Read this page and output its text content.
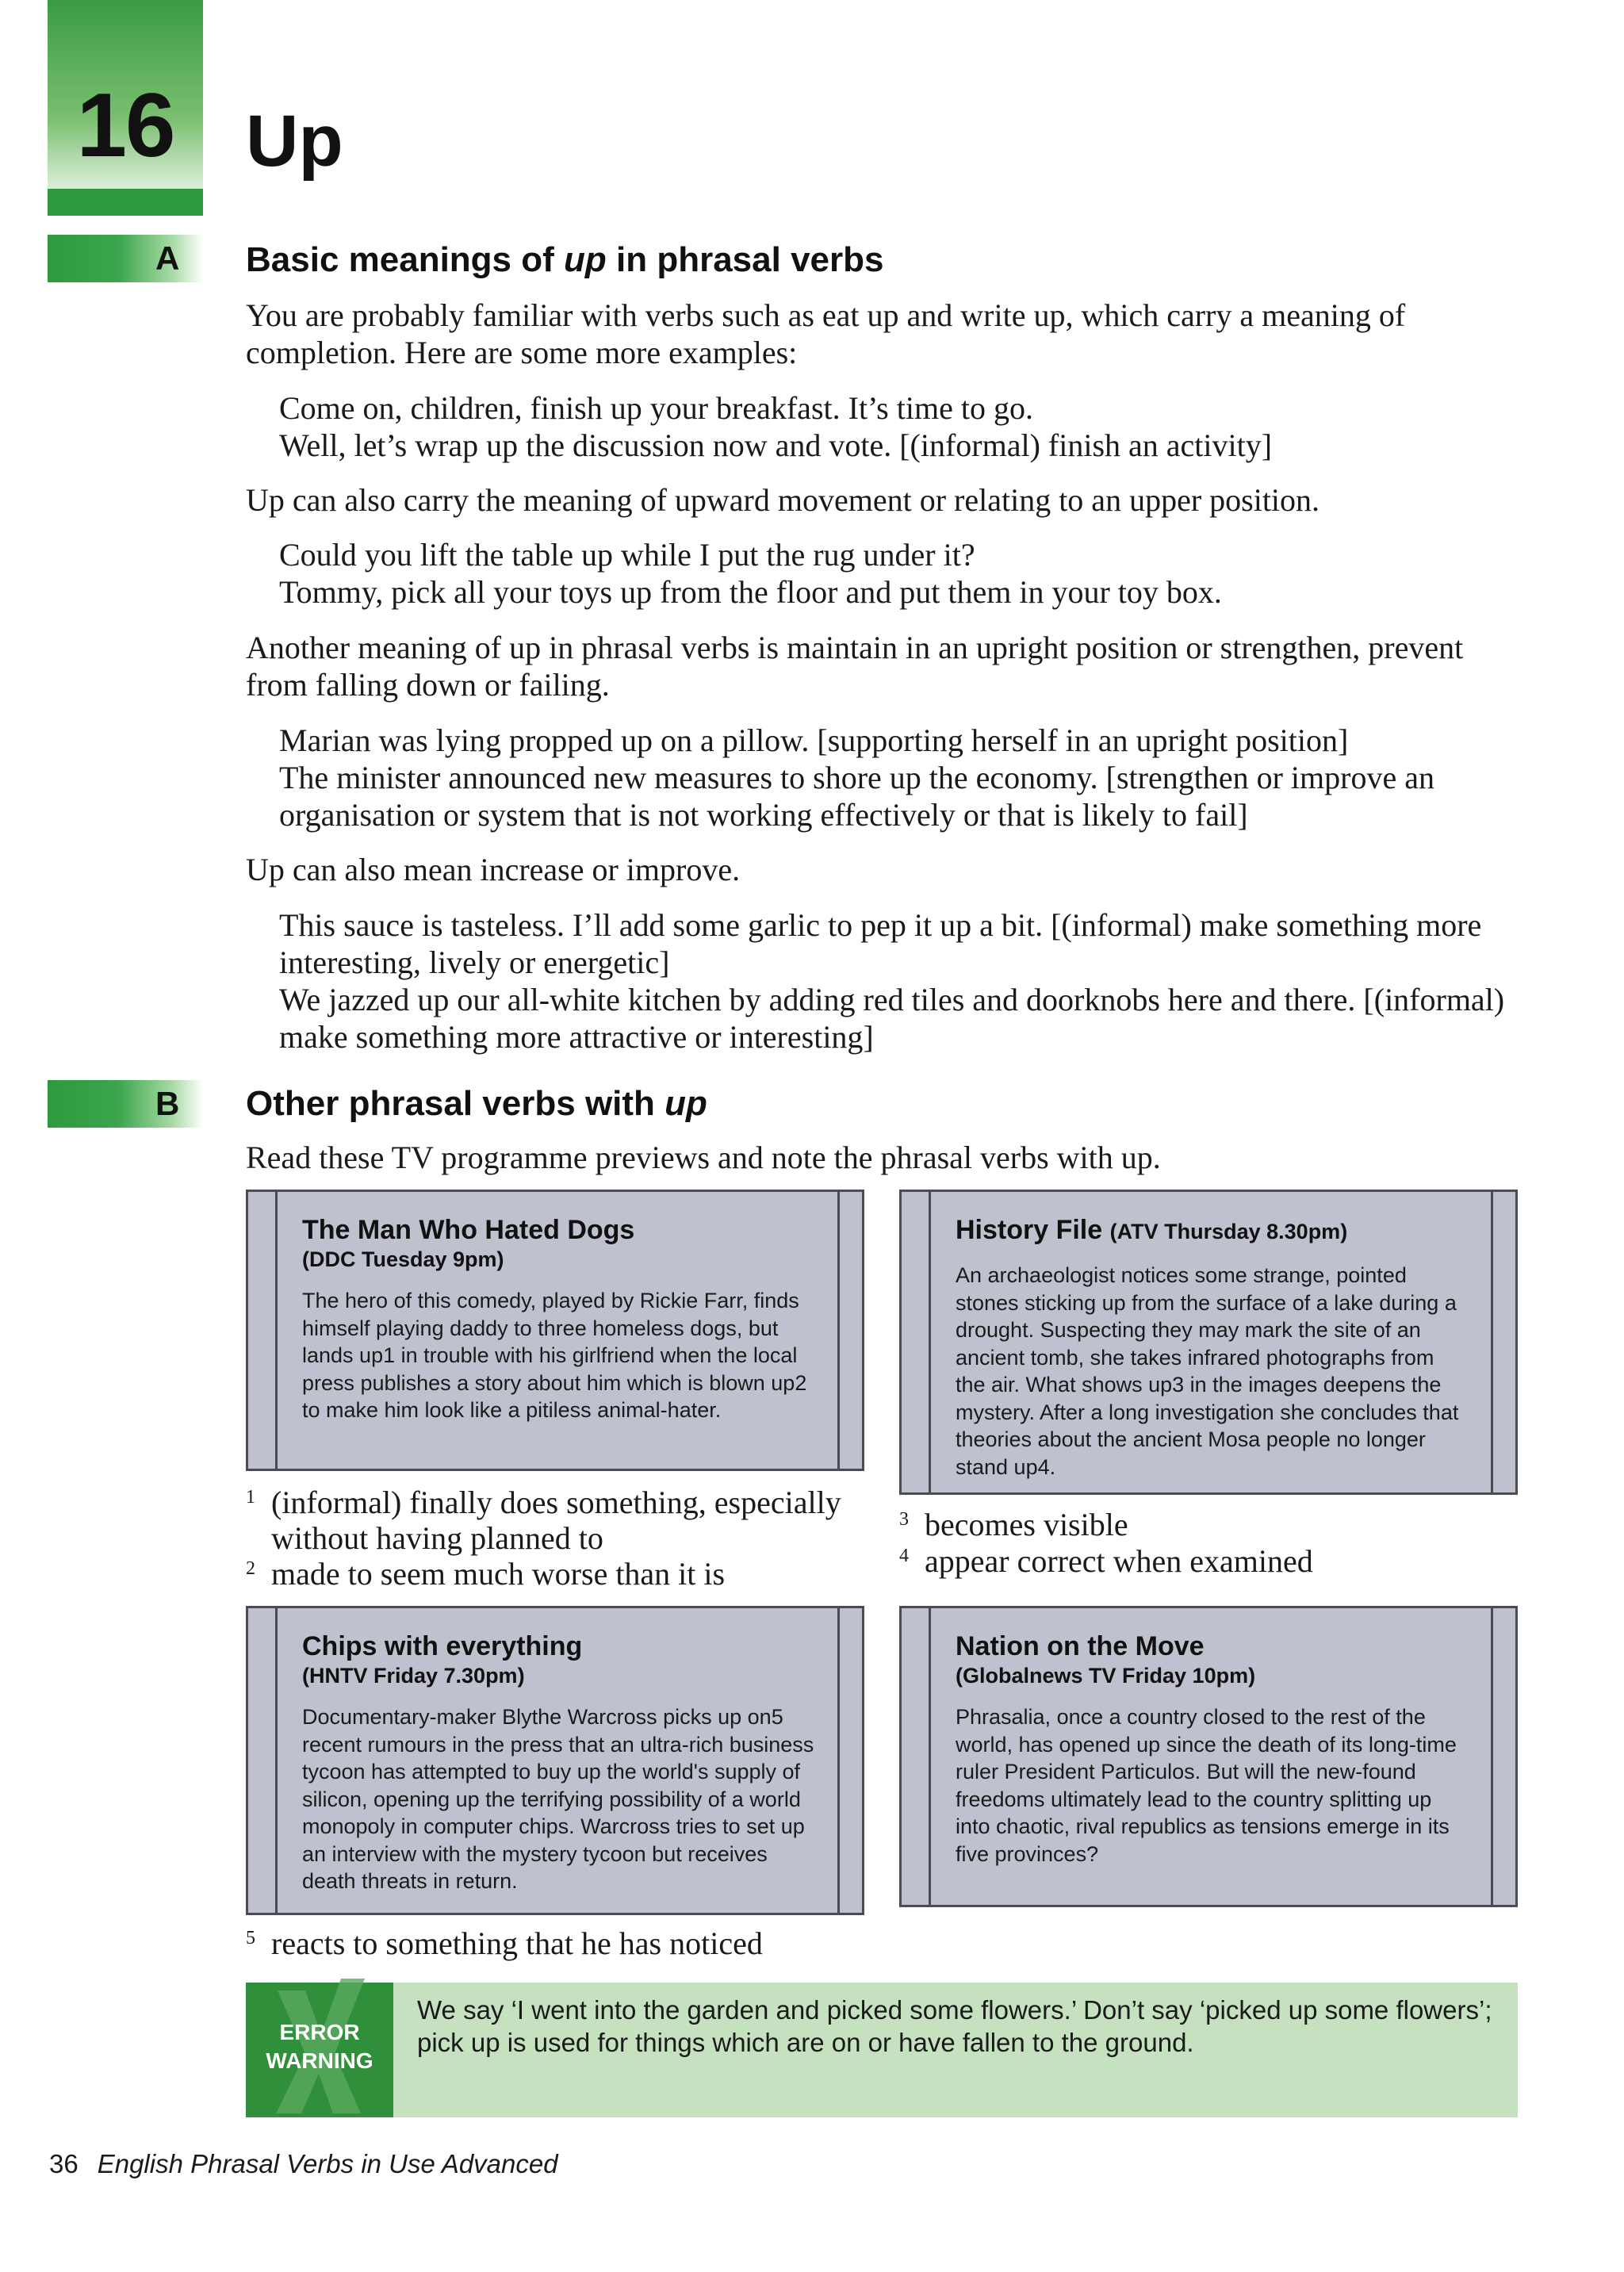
16 Up
A Basic meanings of up in phrasal verbs
You are probably familiar with verbs such as eat up and write up, which carry a meaning of completion. Here are some more examples:
Come on, children, finish up your breakfast. It’s time to go.
Well, let’s wrap up the discussion now and vote. [(informal) finish an activity]
Up can also carry the meaning of upward movement or relating to an upper position.
Could you lift the table up while I put the rug under it?
Tommy, pick all your toys up from the floor and put them in your toy box.
Another meaning of up in phrasal verbs is maintain in an upright position or strengthen, prevent from falling down or failing.
Marian was lying propped up on a pillow. [supporting herself in an upright position]
The minister announced new measures to shore up the economy. [strengthen or improve an organisation or system that is not working effectively or that is likely to fail]
Up can also mean increase or improve.
This sauce is tasteless. I’ll add some garlic to pep it up a bit. [(informal) make something more interesting, lively or energetic]
We jazzed up our all-white kitchen by adding red tiles and doorknobs here and there. [(informal) make something more attractive or interesting]
B Other phrasal verbs with up
Read these TV programme previews and note the phrasal verbs with up.
The Man Who Hated Dogs
(DDC Tuesday 9pm)
The hero of this comedy, played by Rickie Farr, finds himself playing daddy to three homeless dogs, but lands up1 in trouble with his girlfriend when the local press publishes a story about him which is blown up2 to make him look like a pitiless animal-hater.
History File (ATV Thursday 8.30pm)
An archaeologist notices some strange, pointed stones sticking up from the surface of a lake during a drought. Suspecting they may mark the site of an ancient tomb, she takes infrared photographs from the air. What shows up3 in the images deepens the mystery. After a long investigation she concludes that theories about the ancient Mosa people no longer stand up4.
Chips with everything
(HNTV Friday 7.30pm)
Documentary-maker Blythe Warcross picks up on5 recent rumours in the press that an ultra-rich business tycoon has attempted to buy up the world's supply of silicon, opening up the terrifying possibility of a world monopoly in computer chips. Warcross tries to set up an interview with the mystery tycoon but receives death threats in return.
Nation on the Move
(Globalnews TV Friday 10pm)
Phrasalia, once a country closed to the rest of the world, has opened up since the death of its long-time ruler President Particulos. But will the new-found freedoms ultimately lead to the country splitting up into chaotic, rival republics as tensions emerge in its five provinces?
1 (informal) finally does something, especially
without having planned to
2 made to seem much worse than it is
3 becomes visible
4 appear correct when examined
5 reacts to something that he has noticed
ERROR
WARNING
We say ‘I went into the garden and picked some flowers.’ Don’t say ‘picked up some flowers’; pick up is used for things which are on or have fallen to the ground.
36 English Phrasal Verbs in Use Advanced
